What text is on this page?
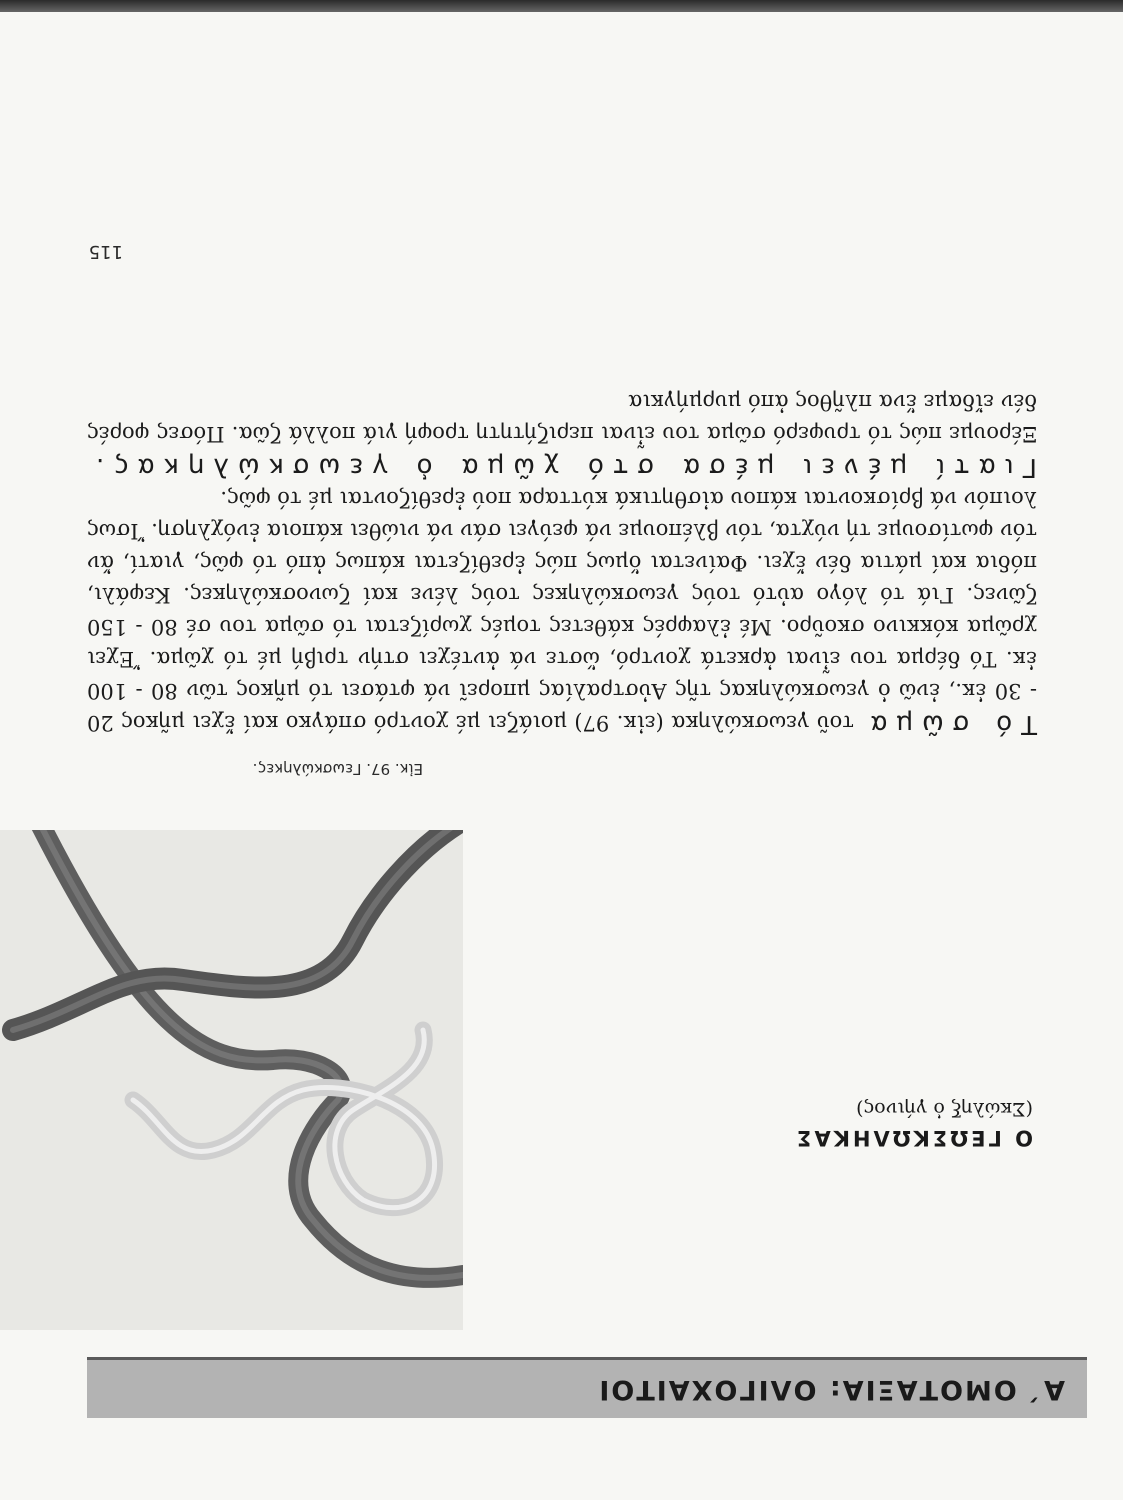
Α΄ ΟΜΟΤΑΞΙΑ: ΟΛΙΓΟΧΑΙΤΟΙ
Ο ΓΕΩΣΚΩΛΗΚΑΣ
(Σκώληξ ὁ γήινος)
Εἰκ. 97. Γεωσκώληκες.

Τό σῶμα τοῦ γεωσκώληκα (εἰκ. 97) μοιάζει μέ χοντρό σπάγκο καί ἔχει μῆκος 20 - 30 ἑκ., ἐνῶ ὁ γεωσκώληκας τῆς Αὐστραλίας μπορεῖ νά φτάσει τό μῆκος τῶν 80 - 100 ἑκ. Τό δέρμα του εἶναι ἀρκετά χοντρό, ὥστε νά ἀντέχει στήν τριβή μέ τό χῶμα. Ἔχει χρῶμα κόκκινο σκοῦρο. Μέ ἐλαφρές κάθετες τομές χωρίζεται τό σῶμα του σέ 80 - 150 ζῶνες. Γιά τό λόγο αὐτό τούς γεωσκώληκες τούς λένε καί ζωνοσκώληκες. Κεφάλι, πόδια καί μάτια δέν ἔχει. Φαίνεται ὅμως πώς ἐρεθίζεται κάπως ἀπό τό φῶς, γιατί, ἄν τόν φωτίσουμε τή νύχτα, τόν βλέπουμε νά φεύγει σάν νά νιώθει κάποια ἐνόχληση. Ἴσως λοιπόν νά βρίσκονται κάπου αἰσθητικά κύτταρα πού ἐρεθίζονται μέ τό φῶς.

Γιατί μένει μέσα στό χῶμα ὁ γεωσκώληκας. Ξέρουμε πώς τό τρυφερό σῶμα του εἶναι περιζήτητη τροφή γιά πολλά ζῶα. Πόσες φορές δέν εἴδαμε ἕνα πλῆθος ἀπό μυρμήγκια

115
